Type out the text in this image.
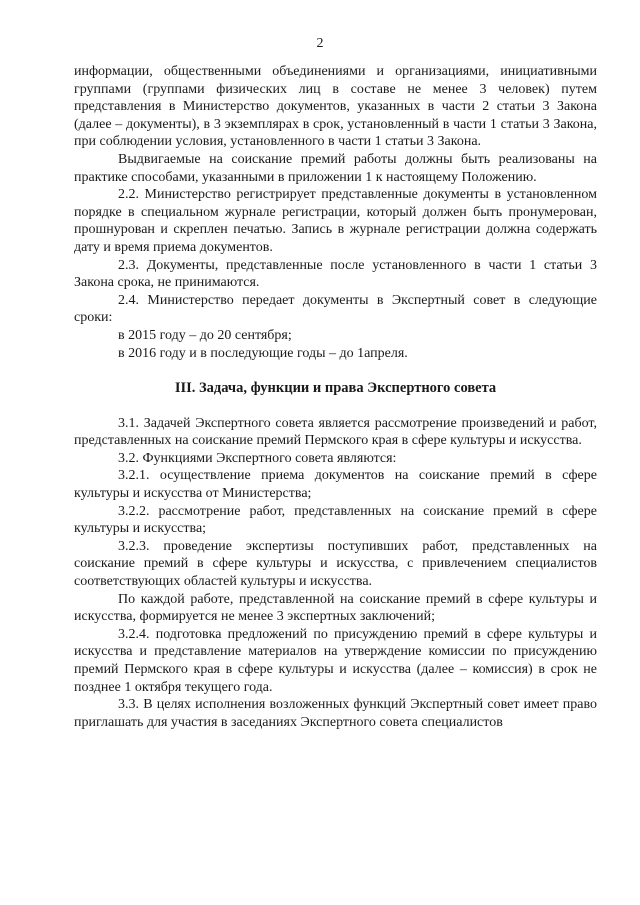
2

информации, общественными объединениями и организациями, инициативными группами (группами физических лиц в составе не менее 3 человек) путем представления в Министерство документов, указанных в части 2 статьи 3 Закона (далее – документы), в 3 экземплярах в срок, установленный в части 1 статьи 3 Закона, при соблюдении условия, установленного в части 1 статьи 3 Закона.

Выдвигаемые на соискание премий работы должны быть реализованы на практике способами, указанными в приложении 1 к настоящему Положению.

2.2. Министерство регистрирует представленные документы в установленном порядке в специальном журнале регистрации, который должен быть пронумерован, прошнурован и скреплен печатью. Запись в журнале регистрации должна содержать дату и время приема документов.

2.3. Документы, представленные после установленного в части 1 статьи 3 Закона срока, не принимаются.

2.4. Министерство передает документы в Экспертный совет в следующие сроки:

в 2015 году – до 20 сентября;

в 2016 году и в последующие годы – до 1апреля.

III. Задача, функции и права Экспертного совета

3.1. Задачей Экспертного совета является рассмотрение произведений и работ, представленных на соискание премий Пермского края в сфере культуры и искусства.

3.2. Функциями Экспертного совета являются:

3.2.1. осуществление приема документов на соискание премий в сфере культуры и искусства от Министерства;

3.2.2. рассмотрение работ, представленных на соискание премий в сфере культуры и искусства;

3.2.3. проведение экспертизы поступивших работ, представленных на соискание премий в сфере культуры и искусства, с привлечением специалистов соответствующих областей культуры и искусства.

По каждой работе, представленной на соискание премий в сфере культуры и искусства, формируется не менее 3 экспертных заключений;

3.2.4. подготовка предложений по присуждению премий в сфере культуры и искусства и представление материалов на утверждение комиссии по присуждению премий Пермского края в сфере культуры и искусства (далее – комиссия) в срок не позднее 1 октября текущего года.

3.3. В целях исполнения возложенных функций Экспертный совет имеет право приглашать для участия в заседаниях Экспертного совета специалистов
